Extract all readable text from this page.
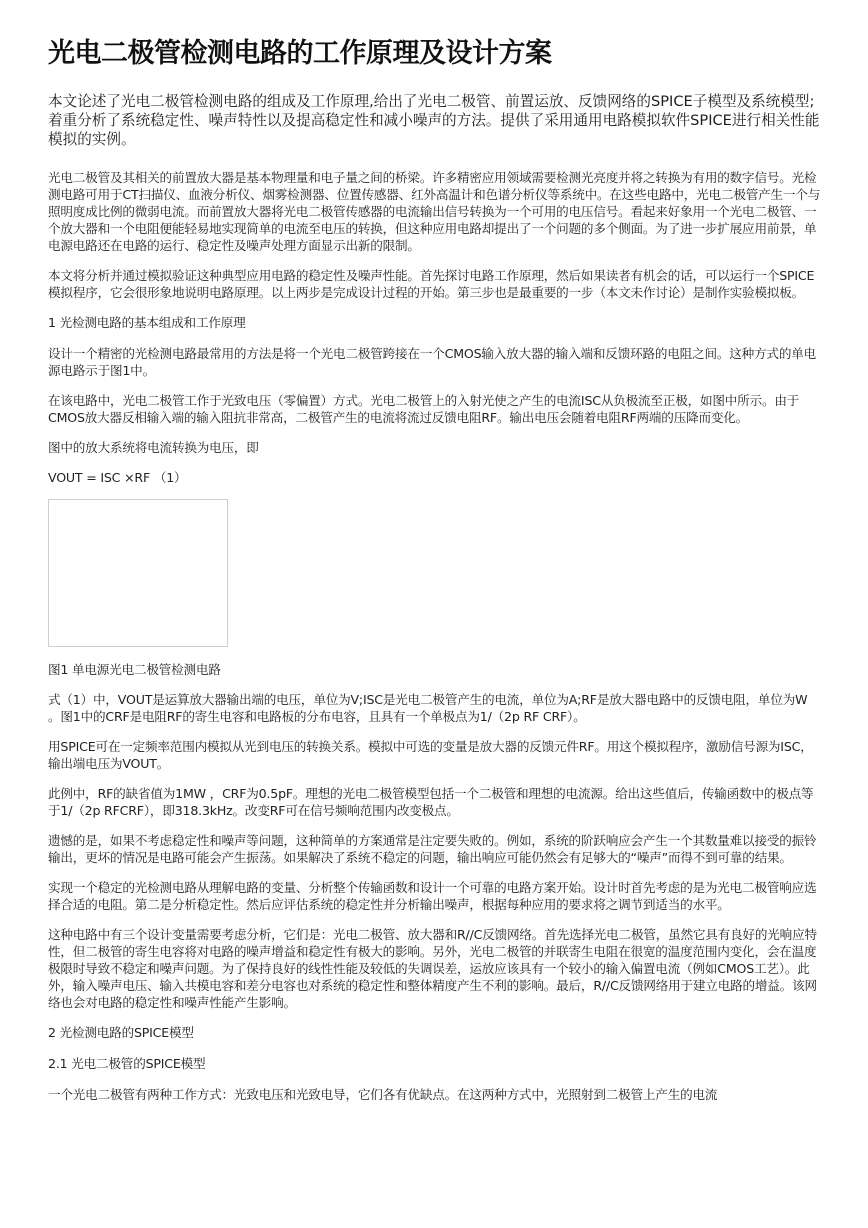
光电二极管检测电路的工作原理及设计方案
本文论述了光电二极管检测电路的组成及工作原理,给出了光电二极管、前置运放、反馈网络的SPICE子模型及系统模型;着重分析了系统稳定性、噪声特性以及提高稳定性和减小噪声的方法。提供了采用通用电路模拟软件SPICE进行相关性能模拟的实例。

光电二极管及其相关的前置放大器是基本物理量和电子量之间的桥梁。许多精密应用领域需要检测光亮度并将之转换为有用的数字信号。光检测电路可用于CT扫描仪、血液分析仪、烟雾检测器、位置传感器、红外高温计和色谱分析仪等系统中。在这些电路中，光电二极管产生一个与照明度成比例的微弱电流。而前置放大器将光电二极管传感器的电流输出信号转换为一个可用的电压信号。看起来好象用一个光电二极管、一个放大器和一个电阻便能轻易地实现简单的电流至电压的转换，但这种应用电路却提出了一个问题的多个侧面。为了进一步扩展应用前景，单电源电路还在电路的运行、稳定性及噪声处理方面显示出新的限制。

本文将分析并通过模拟验证这种典型应用电路的稳定性及噪声性能。首先探讨电路工作原理，然后如果读者有机会的话，可以运行一个SPICE模拟程序，它会很形象地说明电路原理。以上两步是完成设计过程的开始。第三步也是最重要的一步（本文未作讨论）是制作实验模拟板。

1 光检测电路的基本组成和工作原理

设计一个精密的光检测电路最常用的方法是将一个光电二极管跨接在一个CMOS输入放大器的输入端和反馈环路的电阻之间。这种方式的单电源电路示于图1中。

在该电路中，光电二极管工作于光致电压（零偏置）方式。光电二极管上的入射光使之产生的电流ISC从负极流至正极，如图中所示。由于CMOS放大器反相输入端的输入阻抗非常高，二极管产生的电流将流过反馈电阻RF。输出电压会随着电阻RF两端的压降而变化。

图中的放大系统将电流转换为电压，即

VOUT = ISC ×RF （1）

图1 单电源光电二极管检测电路

式（1）中，VOUT是运算放大器输出端的电压，单位为V;ISC是光电二极管产生的电流，单位为A;RF是放大器电路中的反馈电阻，单位为W 。图1中的CRF是电阻RF的寄生电容和电路板的分布电容，且具有一个单极点为1/（2p RF CRF）。

用SPICE可在一定频率范围内模拟从光到电压的转换关系。模拟中可选的变量是放大器的反馈元件RF。用这个模拟程序，激励信号源为ISC，输出端电压为VOUT。

此例中，RF的缺省值为1MW ，CRF为0.5pF。理想的光电二极管模型包括一个二极管和理想的电流源。给出这些值后，传输函数中的极点等于1/（2p RFCRF），即318.3kHz。改变RF可在信号频响范围内改变极点。

遗憾的是，如果不考虑稳定性和噪声等问题，这种简单的方案通常是注定要失败的。例如，系统的阶跃响应会产生一个其数量难以接受的振铃输出，更坏的情况是电路可能会产生振荡。如果解决了系统不稳定的问题，输出响应可能仍然会有足够大的“噪声”而得不到可靠的结果。

实现一个稳定的光检测电路从理解电路的变量、分析整个传输函数和设计一个可靠的电路方案开始。设计时首先考虑的是为光电二极管响应选择合适的电阻。第二是分析稳定性。然后应评估系统的稳定性并分析输出噪声，根据每种应用的要求将之调节到适当的水平。

这种电路中有三个设计变量需要考虑分析，它们是：光电二极管、放大器和R//C反馈网络。首先选择光电二极管，虽然它具有良好的光响应特性，但二极管的寄生电容将对电路的噪声增益和稳定性有极大的影响。另外，光电二极管的并联寄生电阻在很宽的温度范围内变化，会在温度极限时导致不稳定和噪声问题。为了保持良好的线性性能及较低的失调误差，运放应该具有一个较小的输入偏置电流（例如CMOS工艺）。此外，输入噪声电压、输入共模电容和差分电容也对系统的稳定性和整体精度产生不利的影响。最后，R//C反馈网络用于建立电路的增益。该网络也会对电路的稳定性和噪声性能产生影响。

2 光检测电路的SPICE模型

2.1 光电二极管的SPICE模型

一个光电二极管有两种工作方式：光致电压和光致电导，它们各有优缺点。在这两种方式中，光照射到二极管上产生的电流
